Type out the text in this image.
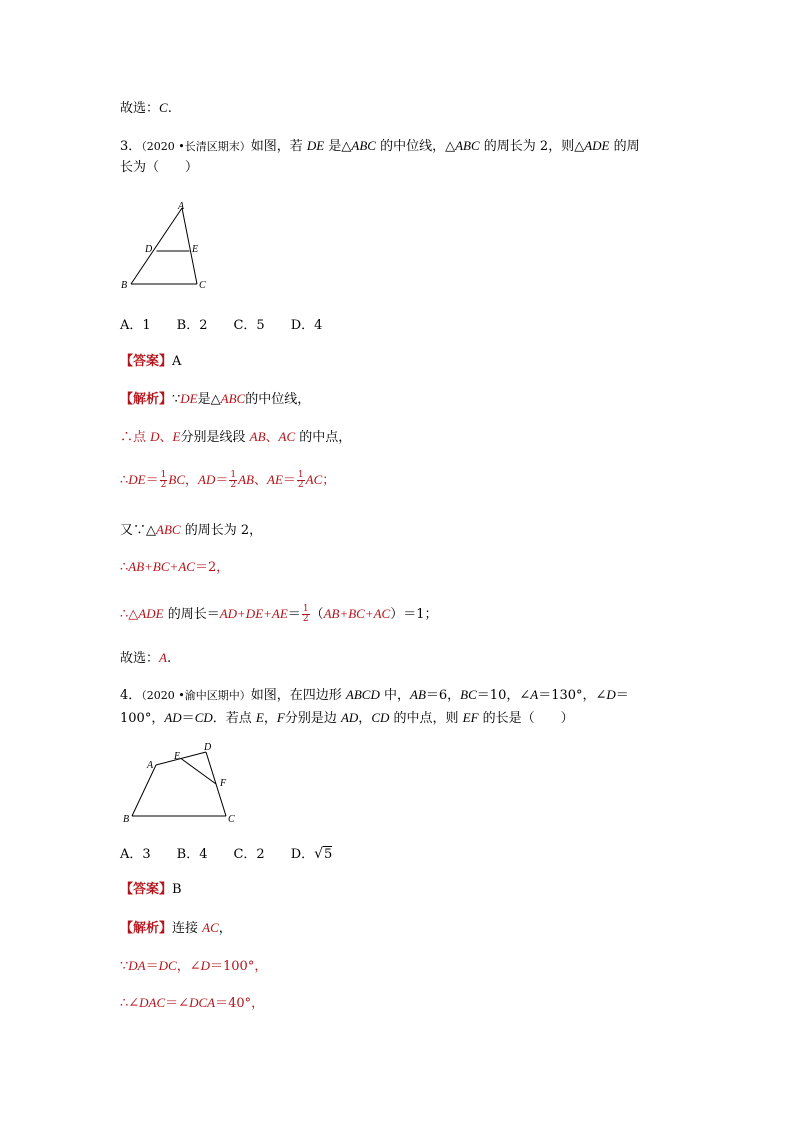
故选：C.
3．（2020 •长清区期末）如图，若 DE 是△ABC 的中位线，△ABC 的周长为 2，则△ADE 的周
长为（　　）
A
D	E
B	C
A．1　　B．2　　C．5　　D．4
【答案】A
【解析】∵DE是△ABC的中位线，
∴点 D、E分别是线段 AB、AC 的中点，
∴DE＝ $\frac{1}{2}$ BC，$AD= \frac{1}{2}$ AB、$AE= \frac{1}{2}$ AC；
又∵△ABC 的周长为 2，
∴AB+BC+AC＝2，
∴△ADE 的周长$=AD+DE+AE= \frac{1}{2} (AB+BC+AC)=1$；
故选：A.
4．（2020 •渝中区期中）如图，在四边形 ABCD 中，AB＝6，BC＝10，∠A＝130°，∠D＝
100°，AD＝CD．若点 E，F分别是边 AD，CD 的中点，则 EF 的长是（　　）
A
E
D
F
B	C
A．3　　B．4　　C．2　　D．√5
【答案】B
【解析】连接 AC，
∵DA＝DC，∠D＝100°，
∴∠DAC＝∠DCA＝40°，
